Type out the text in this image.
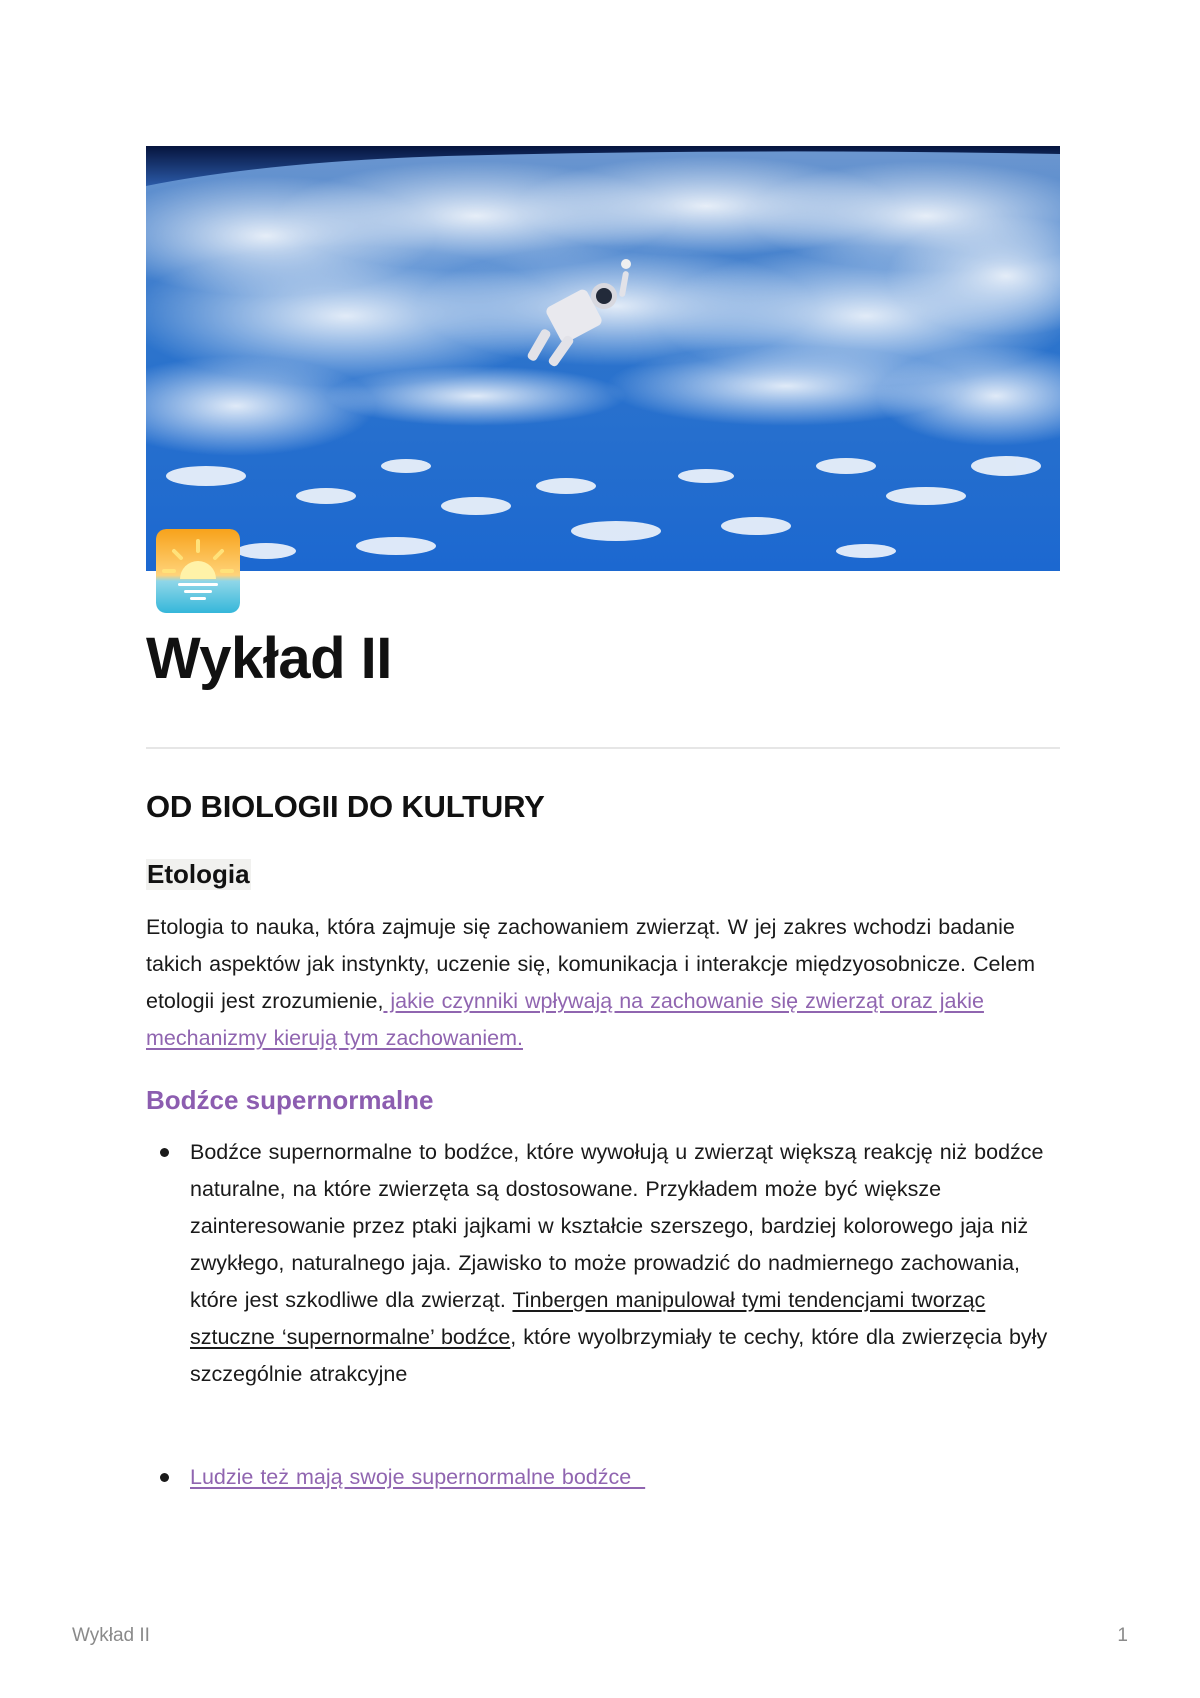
Wykład II
OD BIOLOGII DO KULTURY
Etologia

Etologia to nauka, która zajmuje się zachowaniem zwierząt. W jej zakres wchodzi badanie takich aspektów jak instynkty, uczenie się, komunikacja i interakcje międzyosobnicze. Celem etologii jest zrozumienie, jakie czynniki wpływają na zachowanie się zwierząt oraz jakie mechanizmy kierują tym zachowaniem.

Bodźce supernormalne
Bodźce supernormalne to bodźce, które wywołują u zwierząt większą reakcję niż bodźce naturalne, na które zwierzęta są dostosowane. Przykładem może być większe zainteresowanie przez ptaki jajkami w kształcie szerszego, bardziej kolorowego jaja niż zwykłego, naturalnego jaja. Zjawisko to może prowadzić do nadmiernego zachowania, które jest szkodliwe dla zwierząt. Tinbergen manipulował tymi tendencjami tworząc sztuczne ‘supernormalne’ bodźce, które wyolbrzymiały te cechy, które dla zwierzęcia były szczególnie atrakcyjne
Ludzie też mają swoje supernormalne bodźce
Wykład II	1
